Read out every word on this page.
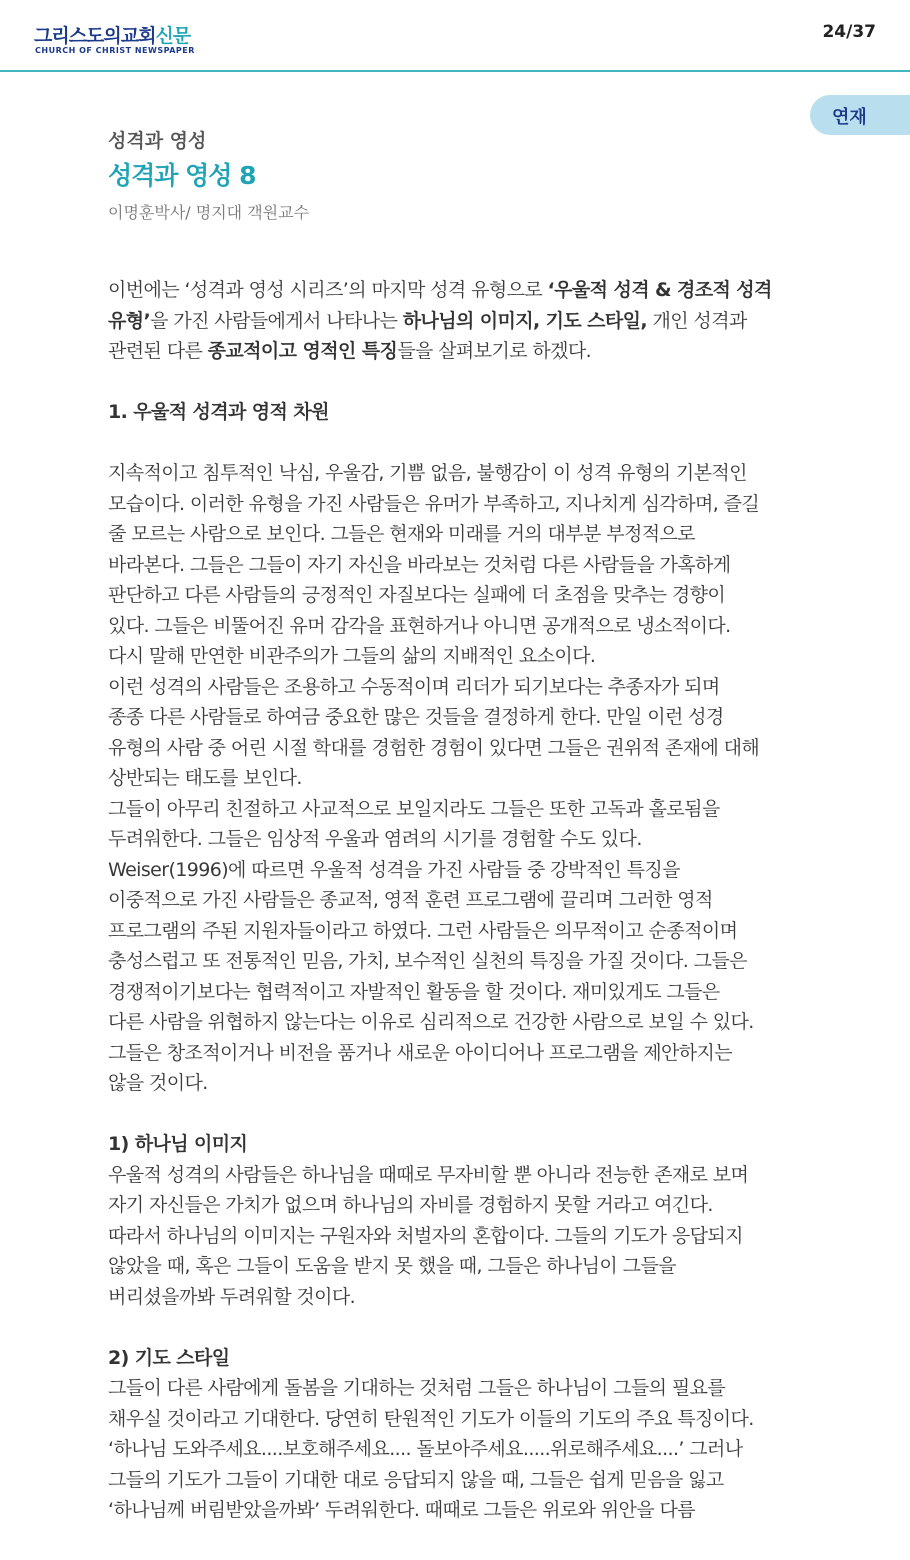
그리스도의교회신문
CHURCH OF CHRIST NEWSPAPER
24/37
연재
성격과 영성
성격과 영성 8
이명훈박사/ 명지대 객원교수

이번에는 ‘성격과 영성 시리즈’의 마지막 성격 유형으로 ‘우울적 성격 & 경조적 성격

유형’을 가진 사람들에게서 나타나는 하나님의 이미지, 기도 스타일, 개인 성격과

관련된 다른 종교적이고 영적인 특징들을 살펴보기로 하겠다.

1. 우울적 성격과 영적 차원
지속적이고 침투적인 낙심, 우울감, 기쁨 없음, 불행감이 이 성격 유형의 기본적인
모습이다. 이러한 유형을 가진 사람들은 유머가 부족하고, 지나치게 심각하며, 즐길
줄 모르는 사람으로 보인다. 그들은 현재와 미래를 거의 대부분 부정적으로
바라본다. 그들은 그들이 자기 자신을 바라보는 것처럼 다른 사람들을 가혹하게
판단하고 다른 사람들의 긍정적인 자질보다는 실패에 더 초점을 맞추는 경향이
있다. 그들은 비뚤어진 유머 감각을 표현하거나 아니면 공개적으로 냉소적이다.
다시 말해 만연한 비관주의가 그들의 삶의 지배적인 요소이다.
이런 성격의 사람들은 조용하고 수동적이며 리더가 되기보다는 추종자가 되며
종종 다른 사람들로 하여금 중요한 많은 것들을 결정하게 한다. 만일 이런 성경
유형의 사람 중 어린 시절 학대를 경험한 경험이 있다면 그들은 권위적 존재에 대해
상반되는 태도를 보인다.
그들이 아무리 친절하고 사교적으로 보일지라도 그들은 또한 고독과 홀로됨을
두려워한다. 그들은 임상적 우울과 염려의 시기를 경험할 수도 있다.
Weiser(1996)에 따르면 우울적 성격을 가진 사람들 중 강박적인 특징을
이중적으로 가진 사람들은 종교적, 영적 훈련 프로그램에 끌리며 그러한 영적
프로그램의 주된 지원자들이라고 하였다. 그런 사람들은 의무적이고 순종적이며
충성스럽고 또 전통적인 믿음, 가치, 보수적인 실천의 특징을 가질 것이다. 그들은
경쟁적이기보다는 협력적이고 자발적인 활동을 할 것이다. 재미있게도 그들은
다른 사람을 위협하지 않는다는 이유로 심리적으로 건강한 사람으로 보일 수 있다.
그들은 창조적이거나 비전을 품거나 새로운 아이디어나 프로그램을 제안하지는
않을 것이다.
1) 하나님 이미지
우울적 성격의 사람들은 하나님을 때때로 무자비할 뿐 아니라 전능한 존재로 보며
자기 자신들은 가치가 없으며 하나님의 자비를 경험하지 못할 거라고 여긴다.
따라서 하나님의 이미지는 구원자와 처벌자의 혼합이다. 그들의 기도가 응답되지
않았을 때, 혹은 그들이 도움을 받지 못 했을 때, 그들은 하나님이 그들을
버리셨을까봐 두려워할 것이다.
2) 기도 스타일
그들이 다른 사람에게 돌봄을 기대하는 것처럼 그들은 하나님이 그들의 필요를
채우실 것이라고 기대한다. 당연히 탄원적인 기도가 이들의 기도의 주요 특징이다.
‘하나님 도와주세요....보호해주세요.... 돌보아주세요.....위로해주세요....’ 그러나
그들의 기도가 그들이 기대한 대로 응답되지 않을 때, 그들은 쉽게 믿음을 잃고
‘하나님께 버림받았을까봐’ 두려워한다. 때때로 그들은 위로와 위안을 다름
